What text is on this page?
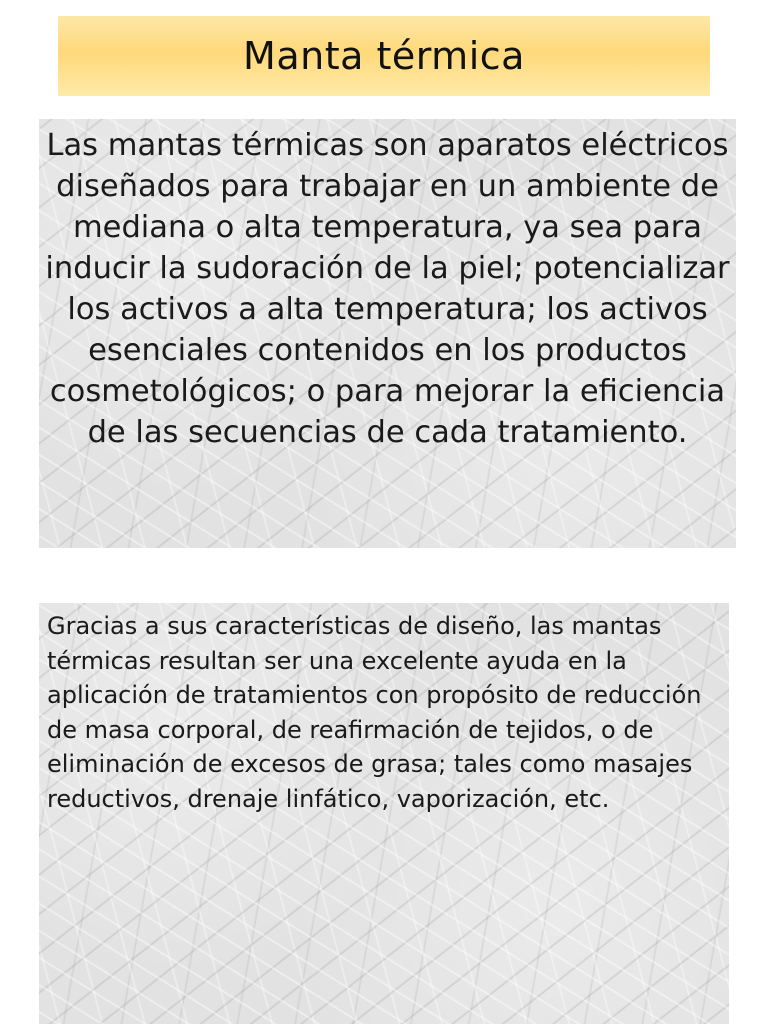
Manta térmica

Las mantas térmicas son aparatos eléctricos diseñados para trabajar en un ambiente de mediana o alta temperatura, ya sea para inducir la sudoración de la piel; potencializar los activos a alta temperatura; los activos esenciales contenidos en los productos cosmetológicos; o para mejorar la eficiencia de las secuencias de cada tratamiento.

Gracias a sus características de diseño, las mantas térmicas resultan ser una excelente ayuda en la aplicación de tratamientos con propósito de reducción de masa corporal, de reafirmación de tejidos, o de eliminación de excesos de grasa; tales como masajes reductivos, drenaje linfático, vaporización, etc.
